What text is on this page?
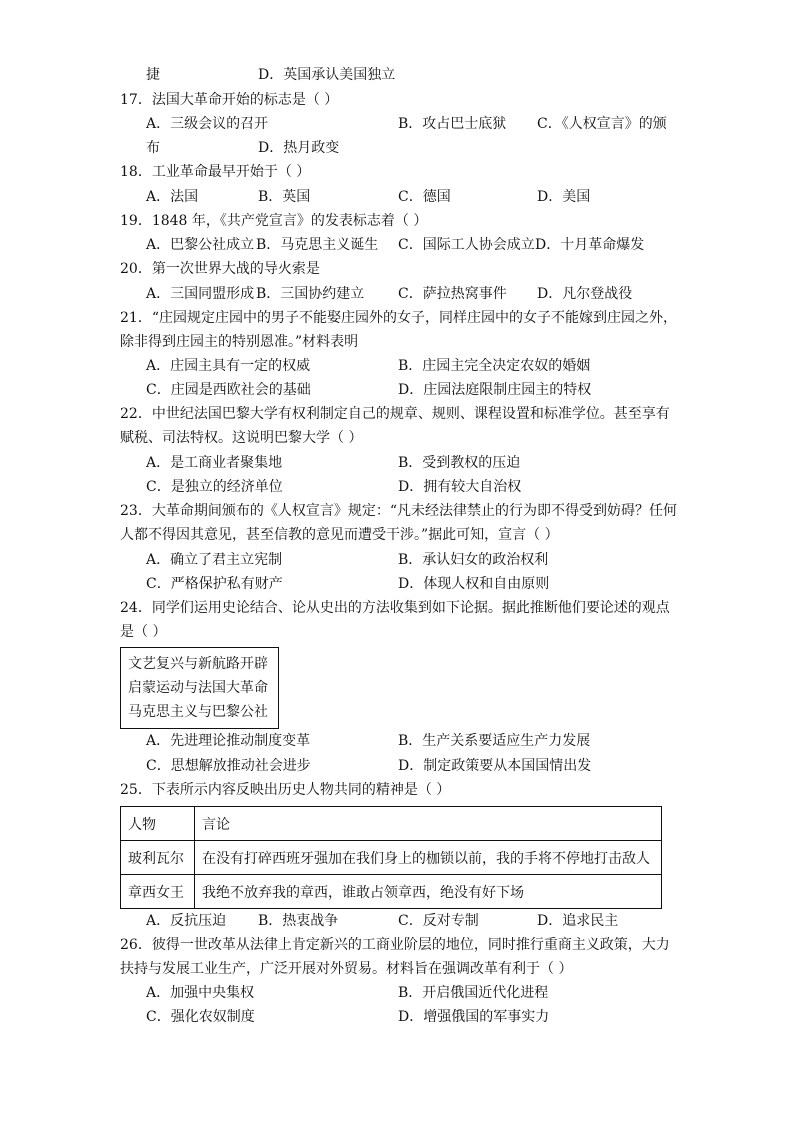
捷	D．英国承认美国独立
17．法国大革命开始的标志是（ ）
A．三级会议的召开	B．攻占巴士底狱 C．《人权宣言》的颁
布	D．热月政变
18．工业革命最早开始于（ ）
A．法国	B．英国	C．德国	D．美国
19．1848 年，《共产党宣言》的发表标志着（ ）
A．巴黎公社成立 B．马克思主义诞生 C．国际工人协会成立 D．十月革命爆发
20．第一次世界大战的导火索是
A．三国同盟形成 B．三国协约建立 C．萨拉热窝事件 D．凡尔登战役
21．“庄园规定庄园中的男子不能娶庄园外的女子，同样庄园中的女子不能嫁到庄园之外，
除非得到庄园主的特别恩准。”材料表明
A．庄园主具有一定的权威	B．庄园主完全决定农奴的婚姻
C．庄园是西欧社会的基础	D．庄园法庭限制庄园主的特权
22．中世纪法国巴黎大学有权利制定自己的规章、规则、课程设置和标准学位。甚至享有
赋税、司法特权。这说明巴黎大学（ ）
A．是工商业者聚集地	B．受到教权的压迫
C．是独立的经济单位	D．拥有较大自治权
23．大革命期间颁布的《人权宣言》规定：“凡未经法律禁止的行为即不得受到妨碍？任何
人都不得因其意见，甚至信教的意见而遭受干涉。”据此可知，宣言（ ）
A．确立了君主立宪制	B．承认妇女的政治权利
C．严格保护私有财产	D．体现人权和自由原则
24．同学们运用史论结合、论从史出的方法收集到如下论据。据此推断他们要论述的观点
是（ ）
文艺复兴与新航路开辟
启蒙运动与法国大革命
马克思主义与巴黎公社
A．先进理论推动制度变革	B．生产关系要适应生产力发展
C．思想解放推动社会进步	D．制定政策要从本国国情出发
25．下表所示内容反映出历史人物共同的精神是（ ）
人物	言论
玻利瓦尔	在没有打碎西班牙强加在我们身上的枷锁以前，我的手将不停地打击敌人
章西女王	我绝不放弃我的章西，谁敢占领章西，绝没有好下场
A．反抗压迫 B．热衷战争	C．反对专制	D．追求民主
26．彼得一世改革从法律上肯定新兴的工商业阶层的地位，同时推行重商主义政策，大力
扶持与发展工业生产，广泛开展对外贸易。材料旨在强调改革有利于（ ）
A．加强中央集权	B．开启俄国近代化进程
C．强化农奴制度	D．增强俄国的军事实力
